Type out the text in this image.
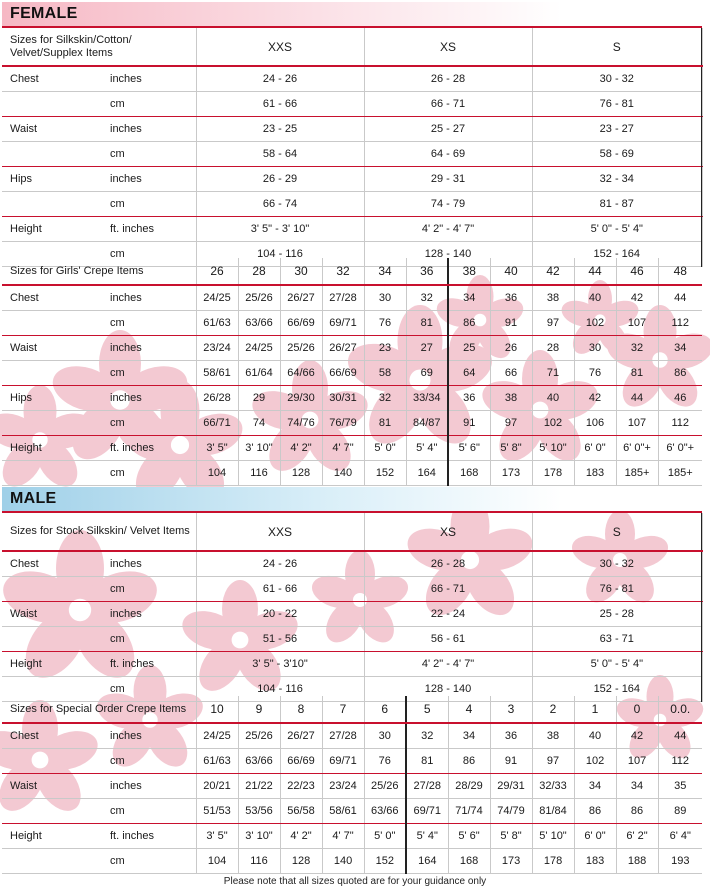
FEMALE
Sizes for Silkskin/Cotton/ Velvet/Supplex Items		XXS	XS	S			
Chest	inches	24 - 26	26 - 28	30 - 32			
	cm	61 - 66	66 - 71	76 - 81			
Waist	inches	23 - 25	25 - 27	23 - 27			
	cm	58 - 64	64 - 69	58 - 69			
Hips	inches	26 - 29	29 - 31	32 - 34			
	cm	66 - 74	74 - 79	81 - 87			
Height	ft. inches	3' 5" - 3' 10"	4' 2" - 4' 7"	5' 0" - 5' 4"			
	cm	104 - 116	128 - 140	152 - 164			
Sizes for Girls' Crepe Items		26	28	30	32	34	36	38	40	42	44	46	48
Chest	inches	24/25	25/26	26/27	27/28	30	32	34	36	38	40	42	44
	cm	61/63	63/66	66/69	69/71	76	81	86	91	97	102	107	112
Waist	inches	23/24	24/25	25/26	26/27	23	27	25	26	28	30	32	34
	cm	58/61	61/64	64/66	66/69	58	69	64	66	71	76	81	86
Hips	inches	26/28	29	29/30	30/31	32	33/34	36	38	40	42	44	46
	cm	66/71	74	74/76	76/79	81	84/87	91	97	102	106	107	112
Height	ft. inches	3' 5"	3' 10"	4' 2"	4' 7"	5' 0"	5' 4"	5' 6"	5' 8"	5' 10"	6' 0"	6' 0"+	6' 0"+
	cm	104	116	128	140	152	164	168	173	178	183	185+	185+
MALE
Sizes for Stock Silkskin/ Velvet Items		XXS	XS	S			
Chest	inches	24 - 26	26 - 28	30 - 32			
	cm	61 - 66	66 - 71	76 - 81			
Waist	inches	20 - 22	22 - 24	25 - 28			
	cm	51 - 56	56 - 61	63 - 71			
Height	ft. inches	3' 5" - 3'10"	4' 2" - 4' 7"	5' 0" - 5' 4"			
	cm	104 - 116	128 - 140	152 - 164			
Sizes for Special Order Crepe Items		10	9	8	7	6	5	4	3	2	1	0	0.0.
Chest	inches	24/25	25/26	26/27	27/28	30	32	34	36	38	40	42	44
	cm	61/63	63/66	66/69	69/71	76	81	86	91	97	102	107	112
Waist	inches	20/21	21/22	22/23	23/24	25/26	27/28	28/29	29/31	32/33	34	34	35
	cm	51/53	53/56	56/58	58/61	63/66	69/71	71/74	74/79	81/84	86	86	89
Height	ft. inches	3' 5"	3' 10"	4' 2"	4' 7"	5' 0"	5' 4"	5' 6"	5' 8"	5' 10"	6' 0"	6' 2"	6' 4"
	cm	104	116	128	140	152	164	168	173	178	183	188	193
Please note that all sizes quoted are for your guidance only
